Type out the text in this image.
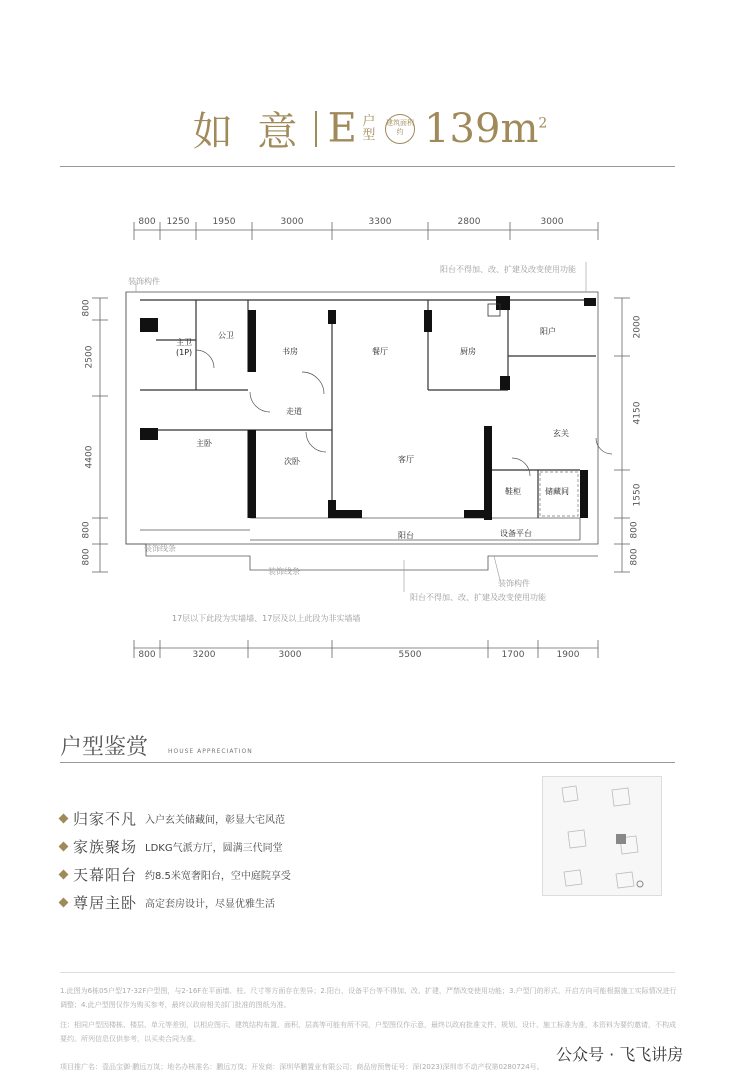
如 意 E 户型 建筑面积约 $139m^2$
800 1250	1950	3000	3300	2800	3000
800	3200	3000	5500	1700	1900
800
2500
4400
800
800
2000
4150
1550
800
800
主卫
(1P)
公卫
书房	餐厅	厨房
阳户
走道
主卧
次卧	客厅
玄关
储藏间
鞋柜
阳台	设备平台
装饰构件
阳台不得加、改、扩建及改变使用功能
装饰线条
装饰线条
装饰构件
阳台不得加、改、扩建及改变使用功能
17层以下此段为实墙墙、17层及以上此段为非实墙墙
户型鉴赏	HOUSE APPRECIATION
归家不凡 入户玄关储藏间，彰显大宅风范
家族聚场 LDKG气派方厅，圆满三代同堂
天幕阳台 约8.5米宽奢阳台，空中庭院享受
尊居主卧 高定套房设计，尽显优雅生活
1.此图为6栋05户型17-32F户型图，与2-16F在平面墙、柱、尺寸等方面存在差异；2.阳台、设备平台等不得加、改、扩建，严禁改变使用功能；3.户型门的形式、开启方向可能根据施工实际情况进行调整；4.此户型图仅作为购买参考，最终以政府相关部门批准的图纸为准。
注：相同户型因楼栋、楼层、单元等差别，以相应图示、建筑结构布置、面积、层高等可能有所不同，户型图仅作示意，最终以政府批准文件、规划、设计、施工标准为准，本资料为要约邀请，不构成要约。所列信息仅供参考，以买卖合同为准。
项目推广名：壹品宝御·鹏远万岚；地名办核准名：鹏远万岚；开发商：深圳华鹏置业有限公司；商品房预售证号：深(2023)深圳市不动产权第0280724号。
公众号 · 飞飞讲房
